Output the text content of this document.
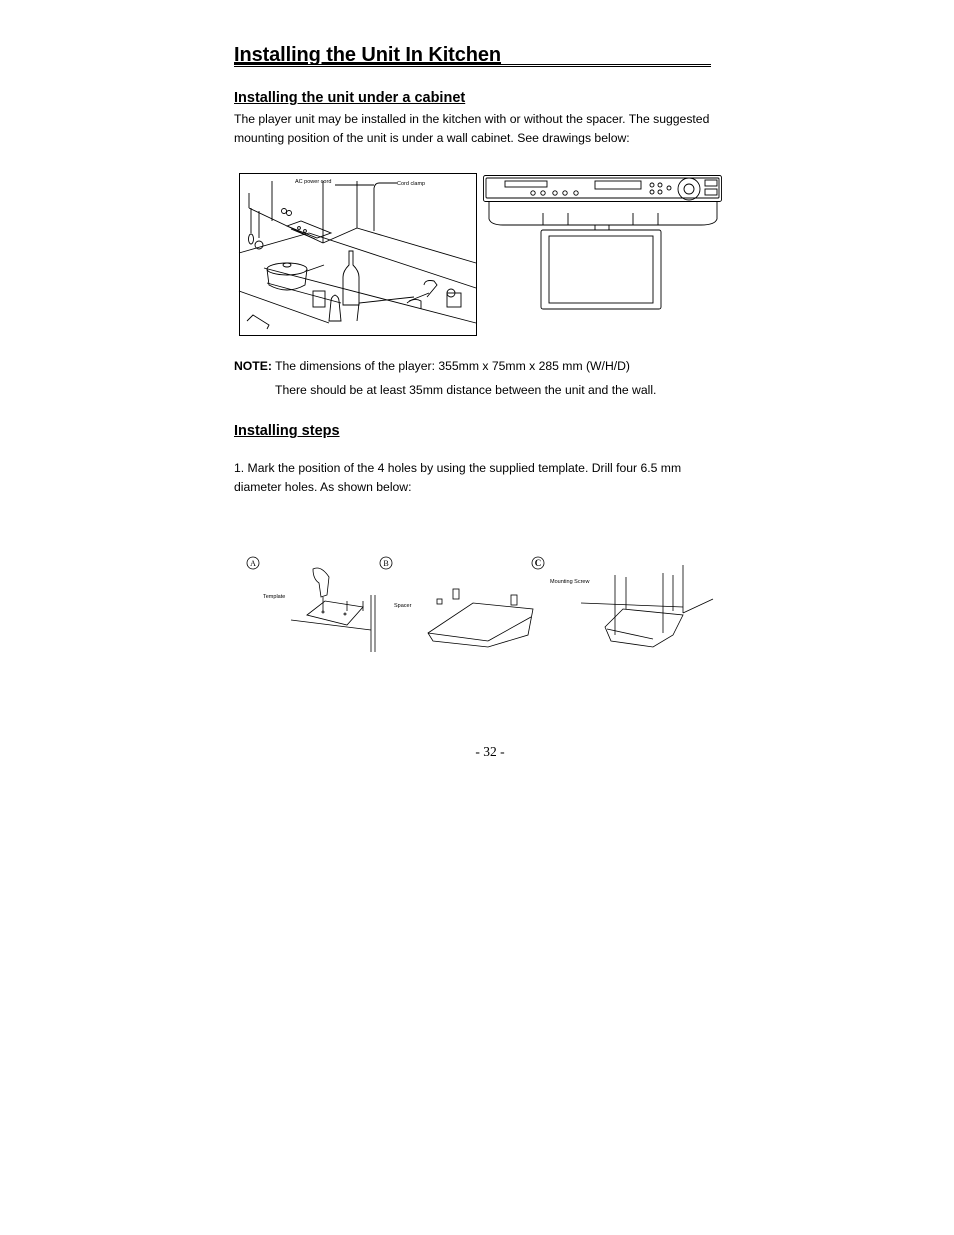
Installing the Unit In Kitchen
Installing the unit under a cabinet
The player unit may be installed in the kitchen with or without the spacer. The suggested mounting position of the unit is under a wall cabinet. See drawings below:
AC power cord	Cord clamp
NOTE: The dimensions of the player: 355mm x 75mm x 285 mm (W/H/D)
There should be at least 35mm distance between the unit and the wall.
Installing steps
1. Mark the position of the 4 holes by using the supplied template. Drill four 6.5 mm diameter holes. As shown below:
A	B	C
Template
Spacer
Mounting Screw
- 32 -
